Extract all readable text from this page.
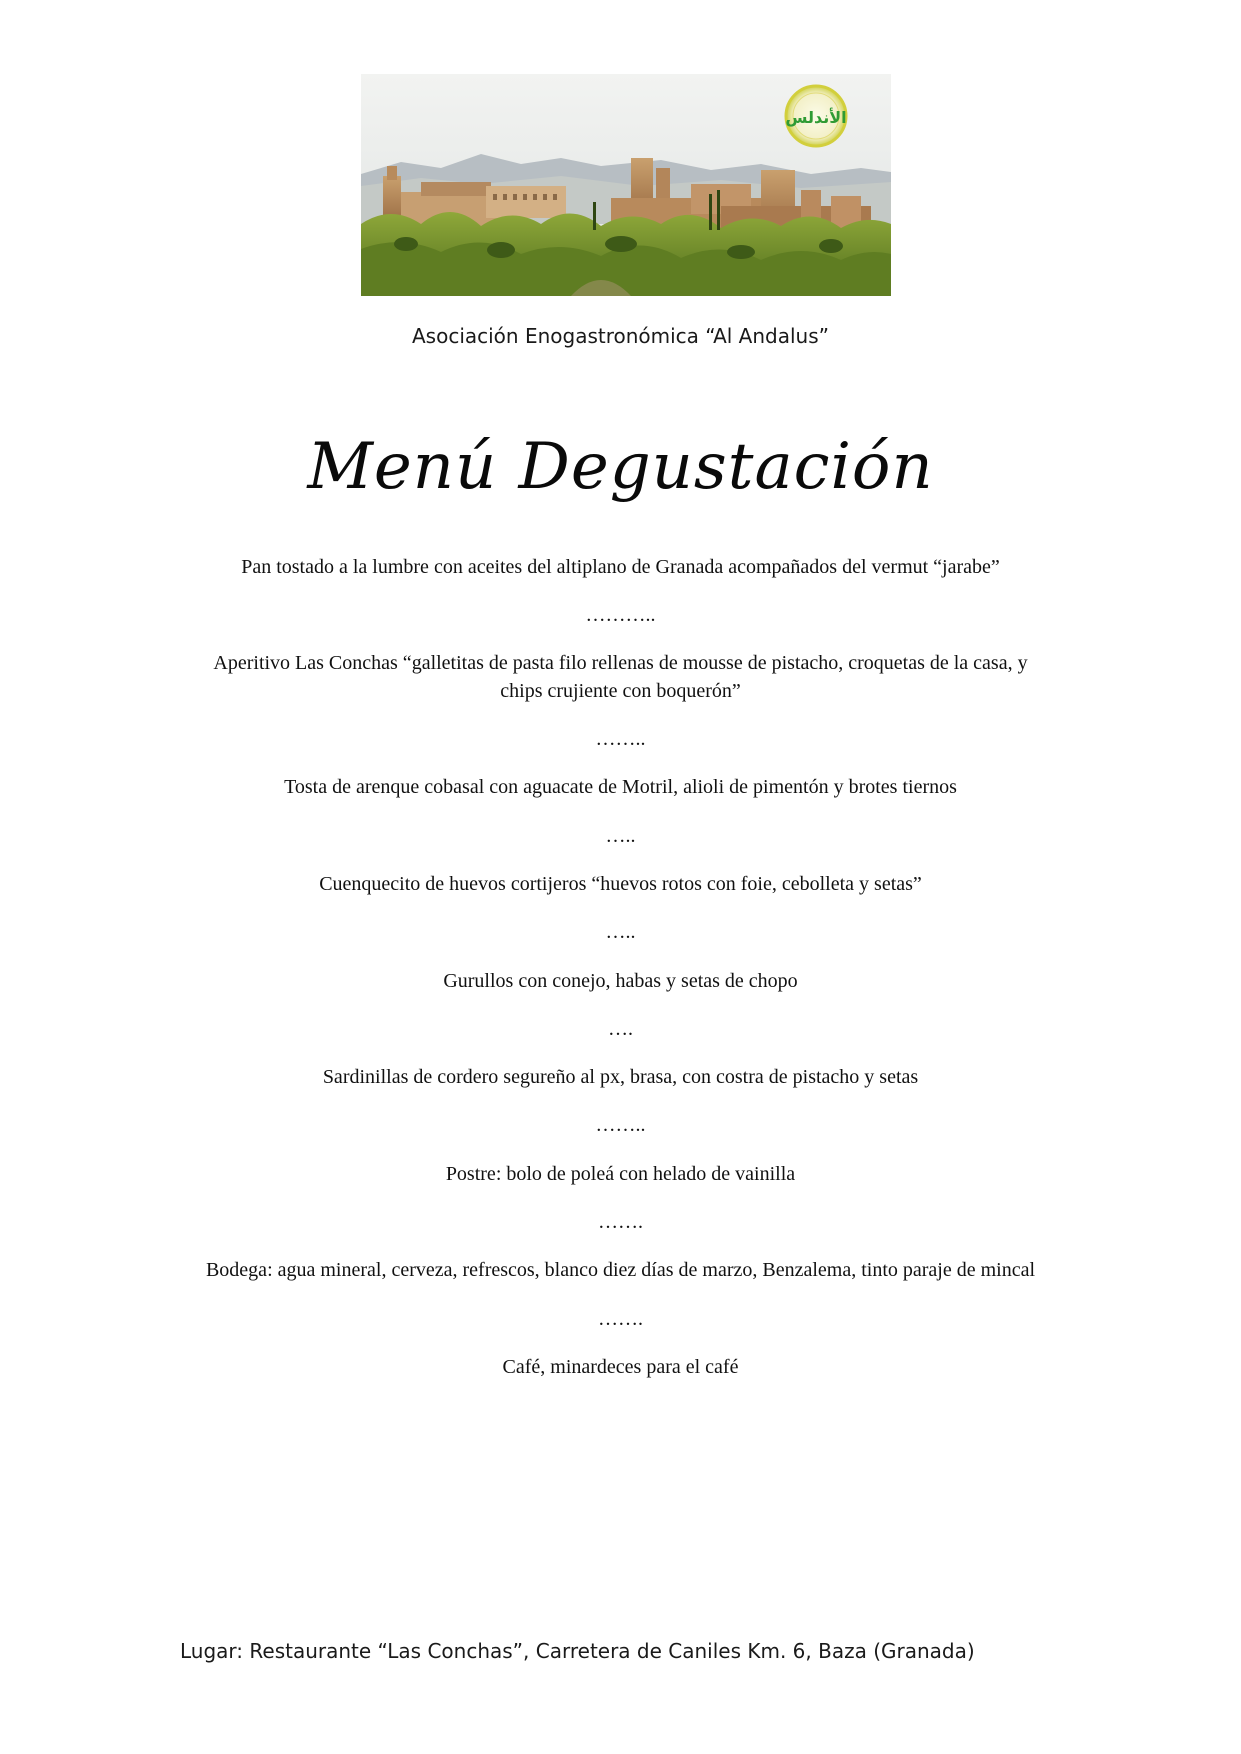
الأندلس
Asociación Enogastronómica “Al Andalus”
Menú Degustación
Pan tostado a la lumbre con aceites del altiplano de Granada acompañados del vermut “jarabe”
………..
Aperitivo Las Conchas “galletitas de pasta filo rellenas de mousse de pistacho, croquetas de la casa, y chips crujiente con boquerón”
……..
Tosta de arenque cobasal con aguacate de Motril, alioli de pimentón y brotes tiernos
…..
Cuenquecito de huevos cortijeros “huevos rotos con foie, cebolleta y setas”
…..
Gurullos con conejo, habas y setas de chopo
….
Sardinillas de cordero segureño al px, brasa, con costra de pistacho y setas
……..
Postre: bolo de poleá con helado de vainilla
…….
Bodega: agua mineral, cerveza, refrescos, blanco diez días de marzo, Benzalema, tinto paraje de mincal
…….
Café, minardeces para el café
Lugar: Restaurante “Las Conchas”, Carretera de Caniles Km. 6, Baza (Granada)
